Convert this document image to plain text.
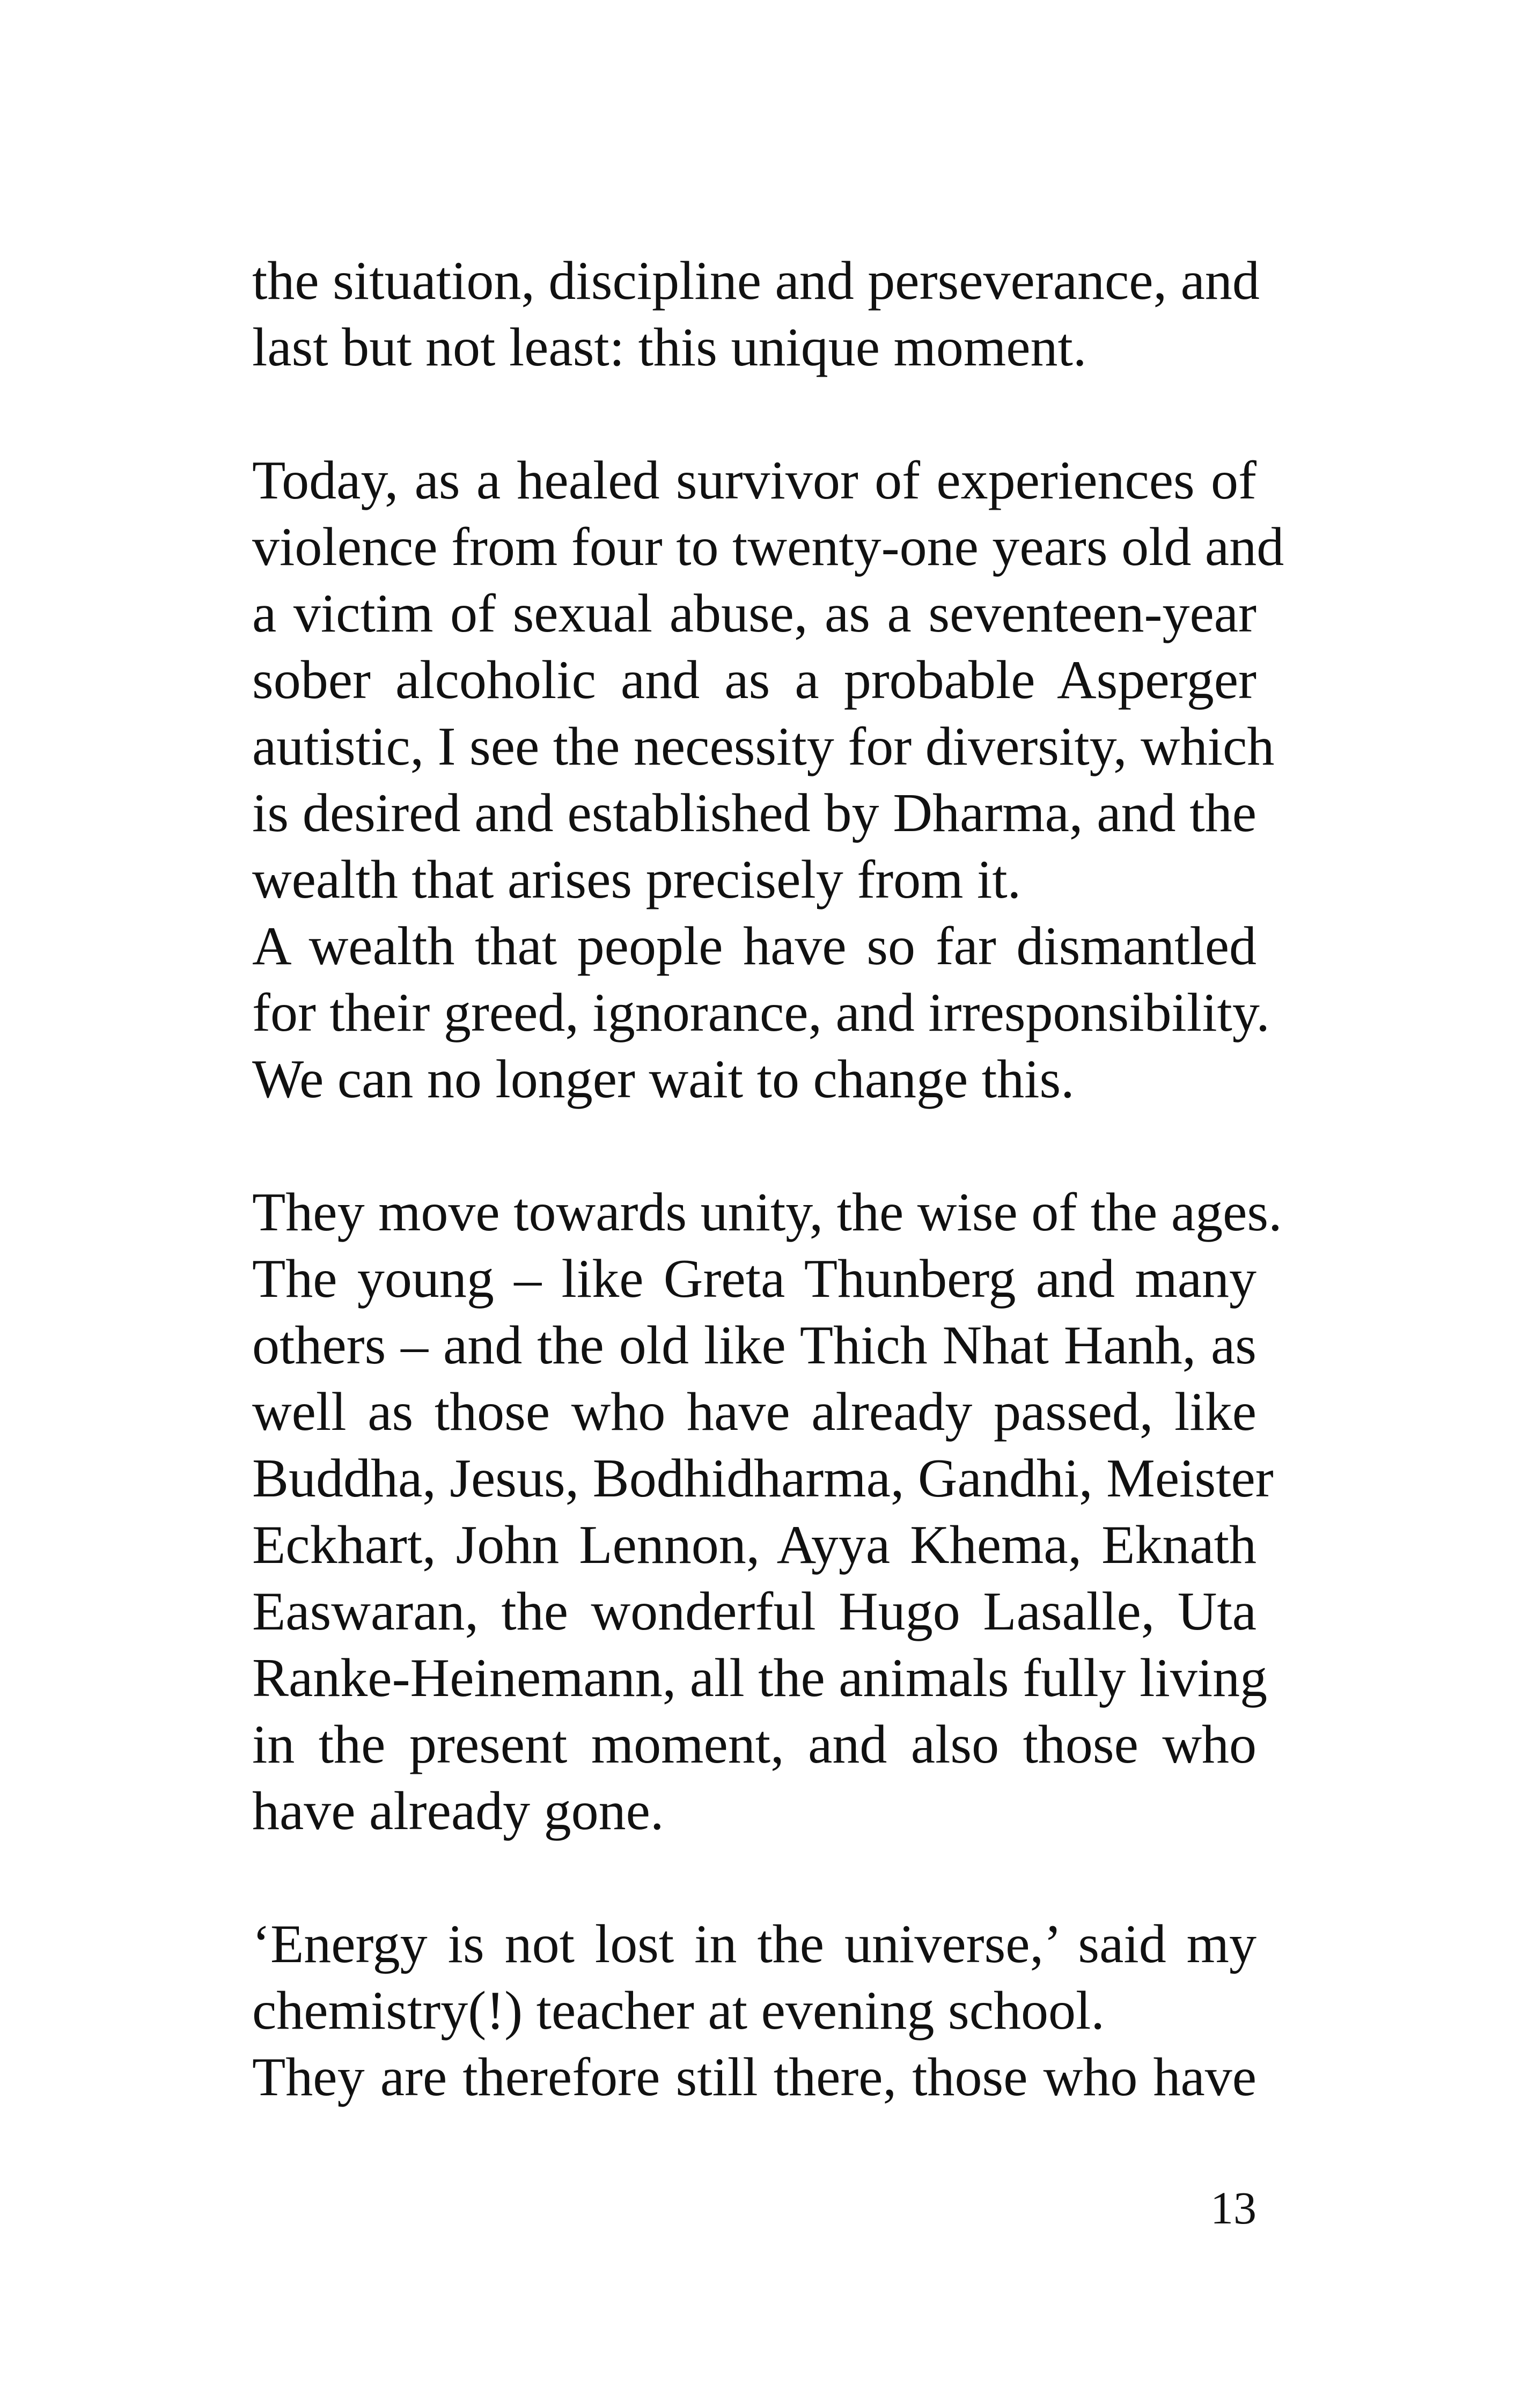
the situation, discipline and perseverance, and
last but not least: this unique moment.
Today, as a healed survivor of experiences of
violence from four to twenty-one years old and
a victim of sexual abuse, as a seventeen-year
sober alcoholic and as a probable Asperger
autistic, I see the necessity for diversity, which
is desired and established by Dharma, and the
wealth that arises precisely from it.
A wealth that people have so far dismantled
for their greed, ignorance, and irresponsibility.
We can no longer wait to change this.
They move towards unity, the wise of the ages.
The young – like Greta Thunberg and many
others – and the old like Thich Nhat Hanh, as
well as those who have already passed, like
Buddha, Jesus, Bodhidharma, Gandhi, Meister
Eckhart, John Lennon, Ayya Khema, Eknath
Easwaran, the wonderful Hugo Lasalle, Uta
Ranke-Heinemann, all the animals fully living
in the present moment, and also those who
have already gone.
‘Energy is not lost in the universe,’ said my
chemistry(!) teacher at evening school.
They are therefore still there, those who have
13
